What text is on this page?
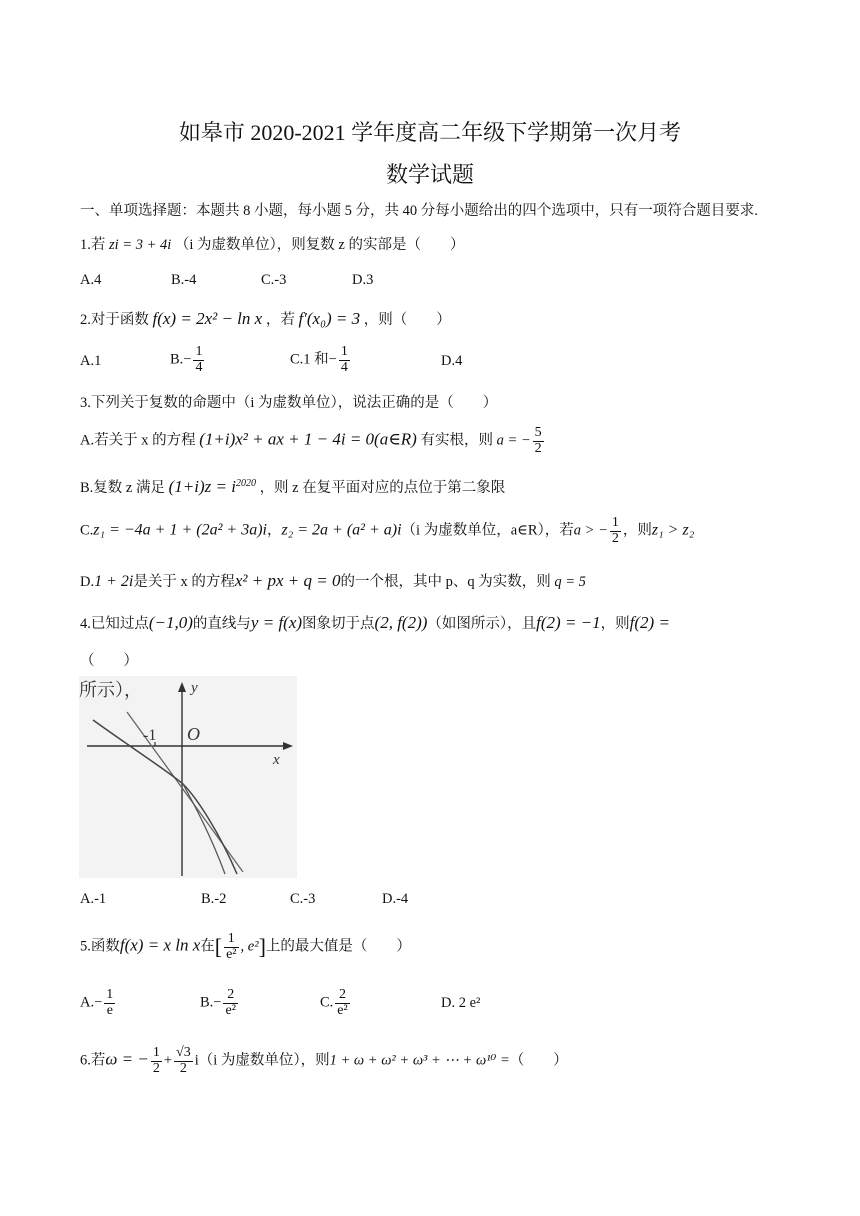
如皋市 2020-2021 学年度高二年级下学期第一次月考
数学试题
一、单项选择题：本题共 8 小题，每小题 5 分，共 40 分每小题给出的四个选项中，只有一项符合题目要求.
1.若 zi = 3 + 4i （i 为虚数单位），则复数 z 的实部是（　　）
A.4	B.-4	C.-3	D.3
2.对于函数 f(x) = 2x² − ln x ，若 f′(x₀) = 3 ，则（　　）
A.1	$B.- \frac{1}{4}$	C.1 和− $\frac{1}{4}$	D.4
3.下列关于复数的命题中（i 为虚数单位），说法正确的是（　　）
A.若关于 x 的方程 (1+i)x² + ax + 1 − 4i = 0(a∈R) 有实根，则 a = − $\frac{5}{2}$
B.复数 z 满足 $(1+i)z = i^{2020}$ ，则 z 在复平面对应的点位于第二象限
C.z₁ = −4a + 1 + (2a² + 3a)i，z₂ = 2a + (a² + a)i（i 为虚数单位，a∈R），若a > − $\frac{1}{2}$ ，则z₁ > z₂
D.1 + 2i是关于 x 的方程x² + px + q = 0的一个根，其中 p、q 为实数，则 q = 5
4.已知过点(−1,0)的直线与y = f(x)图象切于点(2, f(2))（如图所示），且f(2) = −1，则f(2) =
（　　）
所示），	y
x
O
-1
A.-1	B.-2	C.-3	D.-4
5.函数f(x) = x ln x在[ $\frac{1}{\text{e²}}$ , e²]上的最大值是（　　）
$A.- \frac{1}{e}$	$B.- \frac{2}{\text{e²}}$	C. $\frac{2}{\text{e²}}$	D. 2 e²
6.若ω = − $\frac{1}{2} + \frac{√3}{2} i(i$ 为虚数单位），则1 + ω + ω² + ω³ + ⋯ + ω¹⁰ =（　　）
